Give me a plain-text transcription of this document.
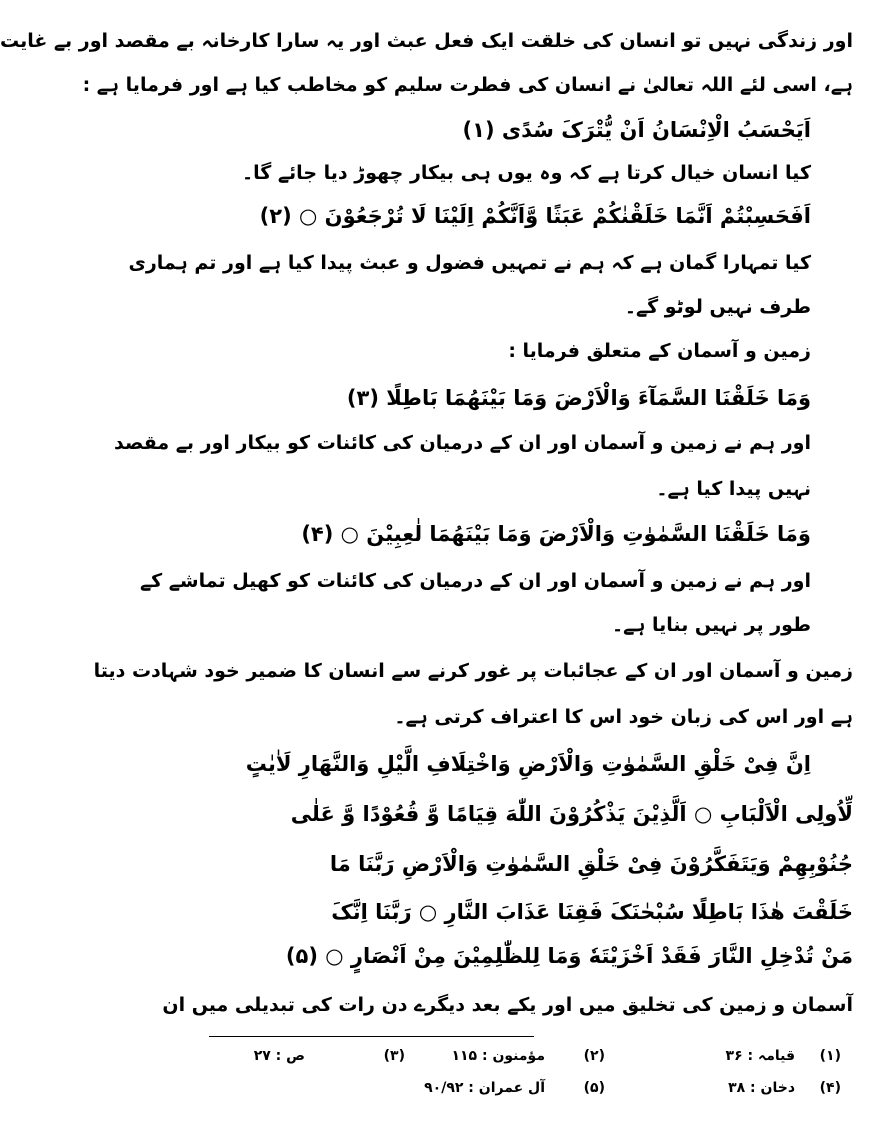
اور زندگی نہیں تو انسان کی خلقت ایک فعل عبث اور یہ سارا کارخانہ بے مقصد اور بے غایت
ہے، اسی لئے اللہ تعالیٰ نے انسان کی فطرت سلیم کو مخاطب کیا ہے اور فرمایا ہے :
اَیَحْسَبُ الْاِنْسَانُ اَنْ یُّتْرَکَ سُدًی (۱)
کیا انسان خیال کرتا ہے کہ وہ یوں ہی بیکار چھوڑ دیا جائے گا۔
اَفَحَسِبْتُمْ اَنَّمَا خَلَقْنٰکُمْ عَبَثًا وَّاَنَّکُمْ اِلَیْنَا لَا تُرْجَعُوْنَ ○ (۲)
کیا تمہارا گمان ہے کہ ہم نے تمہیں فضول و عبث پیدا کیا ہے اور تم ہماری
طرف نہیں لوٹو گے۔
زمین و آسمان کے متعلق فرمایا :
وَمَا خَلَقْنَا السَّمَآءَ وَالْاَرْضَ وَمَا بَیْنَهُمَا بَاطِلًا (۳)
اور ہم نے زمین و آسمان اور ان کے درمیان کی کائنات کو بیکار اور بے مقصد
نہیں پیدا کیا ہے۔
وَمَا خَلَقْنَا السَّمٰوٰتِ وَالْاَرْضَ وَمَا بَیْنَهُمَا لٰعِبِیْنَ ○ (۴)
اور ہم نے زمین و آسمان اور ان کے درمیان کی کائنات کو کھیل تماشے کے
طور پر نہیں بنایا ہے۔
زمین و آسمان اور ان کے عجائبات پر غور کرنے سے انسان کا ضمیر خود شہادت دیتا
ہے اور اس کی زبان خود اس کا اعتراف کرتی ہے۔
اِنَّ فِیْ خَلْقِ السَّمٰوٰتِ وَالْاَرْضِ وَاخْتِلَافِ الَّیْلِ وَالنَّهَارِ لَاٰیٰتٍ
لِّاُولِی الْاَلْبَابِ ○ اَلَّذِیْنَ یَذْکُرُوْنَ اللّٰهَ قِیَامًا وَّ قُعُوْدًا وَّ عَلٰی
جُنُوْبِهِمْ وَیَتَفَکَّرُوْنَ فِیْ خَلْقِ السَّمٰوٰتِ وَالْاَرْضِ رَبَّنَا مَا
خَلَقْتَ هٰذَا بَاطِلًا سُبْحٰنَکَ فَقِنَا عَذَابَ النَّارِ ○ رَبَّنَا اِنَّکَ
مَنْ تُدْخِلِ النَّارَ فَقَدْ اَخْزَیْتَهٗ وَمَا لِلظّٰلِمِیْنَ مِنْ اَنْصَارٍ ○ (۵)
آسمان و زمین کی تخلیق میں اور یکے بعد دیگرے دن رات کی تبدیلی میں ان
(۱)
قیامہ : ۳۶
(۲)
مؤمنون : ۱۱۵
(۳)
ص : ۲۷
(۴)
دخان : ۳۸
(۵)
آل عمران : ۹۰/۹۲
